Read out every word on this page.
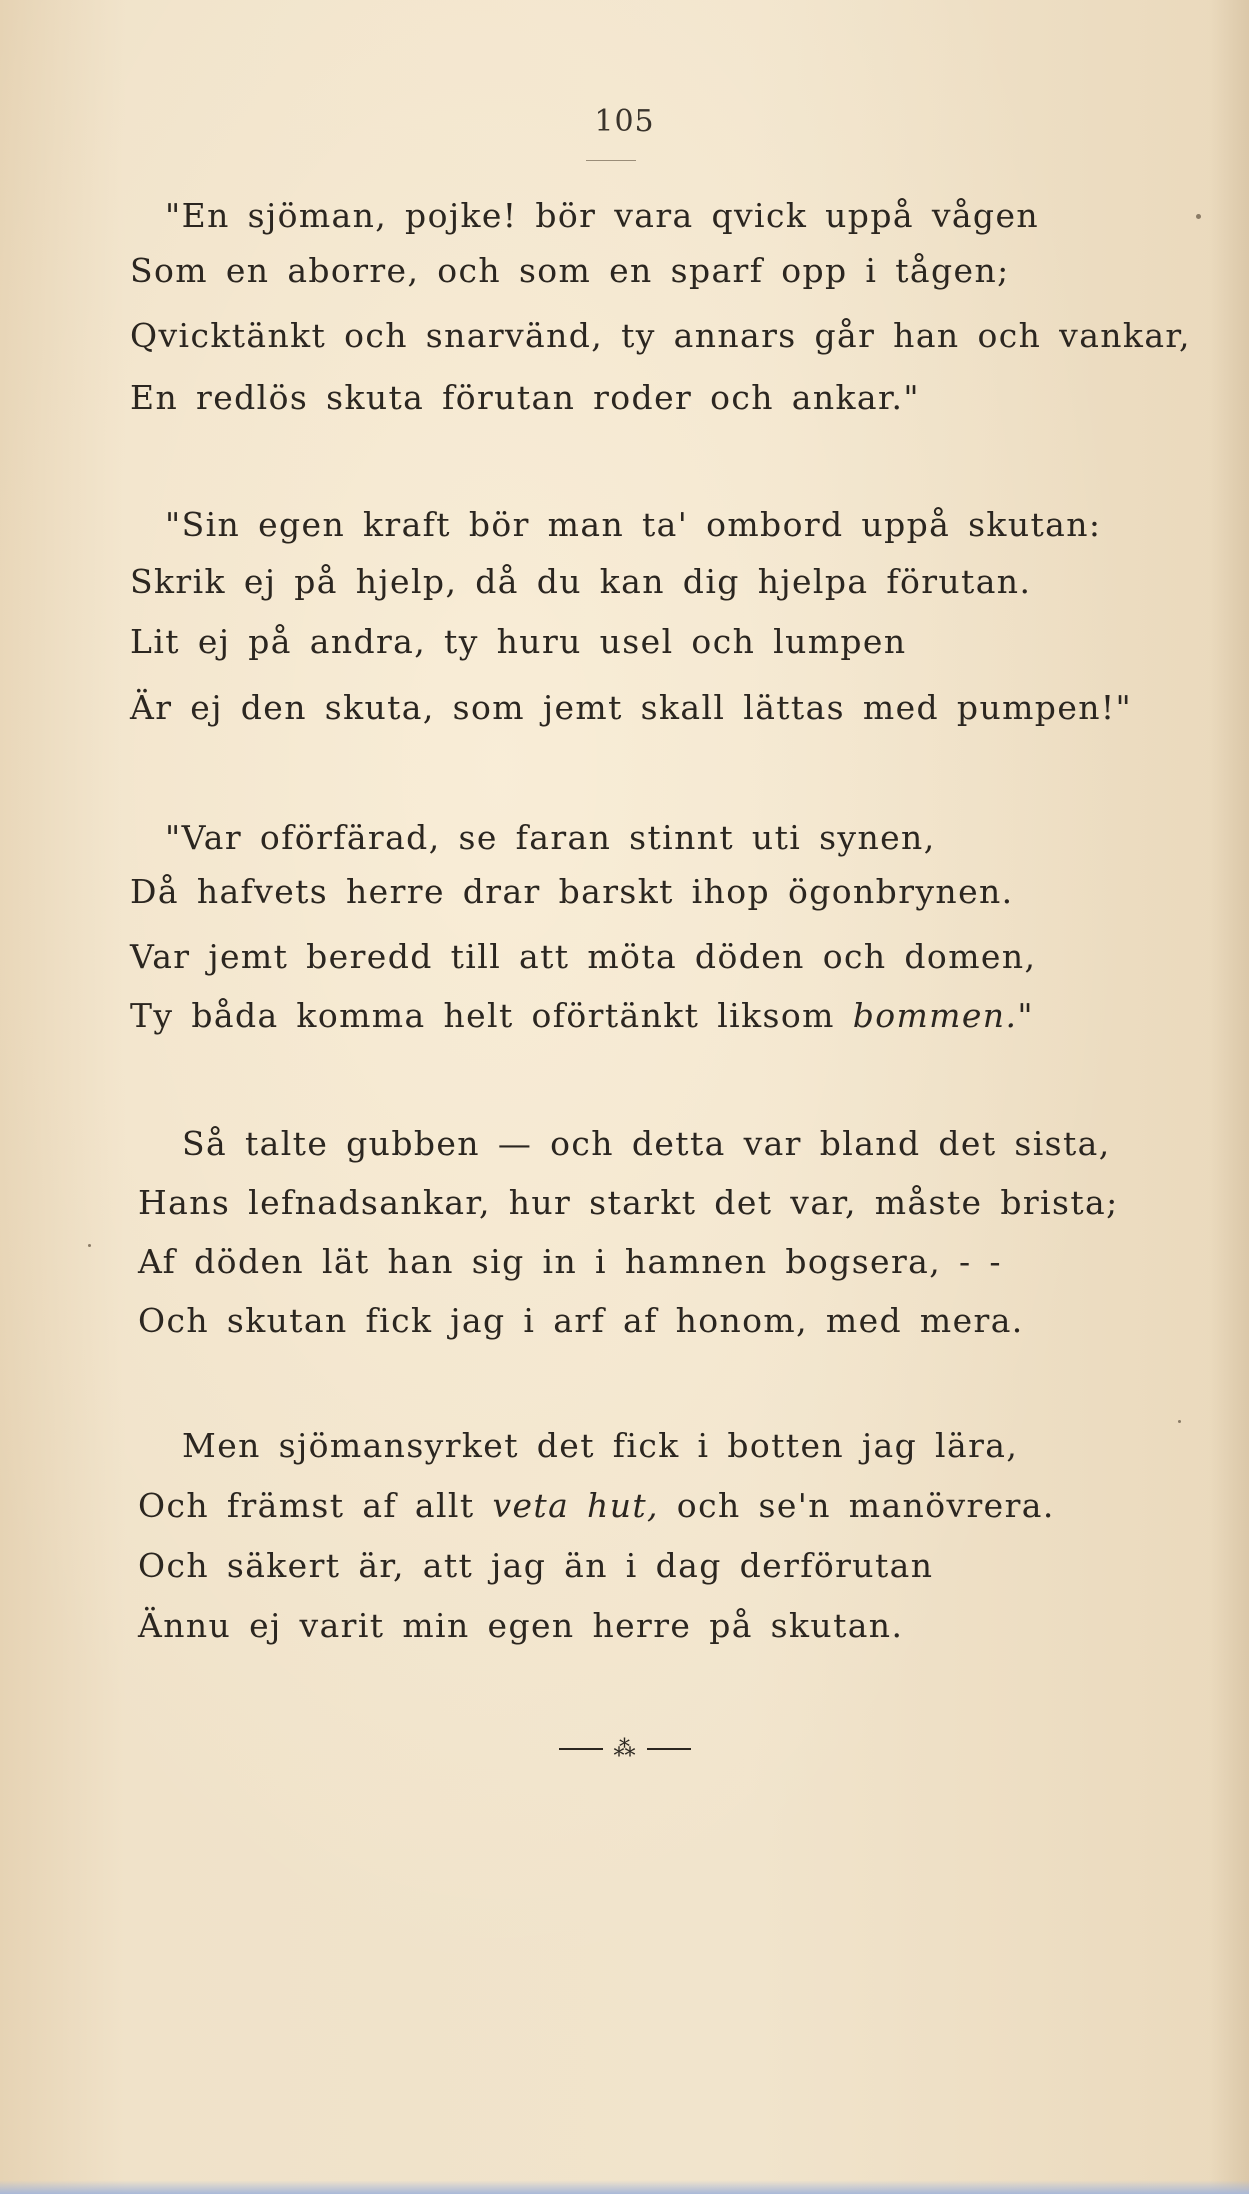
105
"En sjöman, pojke! bör vara qvick uppå vågen
Som en aborre, och som en sparf opp i tågen;
Qvicktänkt och snarvänd, ty annars går han och vankar,
En redlös skuta förutan roder och ankar."
"Sin egen kraft bör man ta' ombord uppå skutan:
Skrik ej på hjelp, då du kan dig hjelpa förutan.
Lit ej på andra, ty huru usel och lumpen
Är ej den skuta, som jemt skall lättas med pumpen!"
"Var oförfärad, se faran stinnt uti synen,
Då hafvets herre drar barskt ihop ögonbrynen.
Var jemt beredd till att möta döden och domen,
Ty båda komma helt oförtänkt liksom bommen."
Så talte gubben — och detta var bland det sista,
Hans lefnadsankar, hur starkt det var, måste brista;
Af döden lät han sig in i hamnen bogsera, - -
Och skutan fick jag i arf af honom, med mera.
Men sjömansyrket det fick i botten jag lära,
Och främst af allt veta hut, och se'n manövrera.
Och säkert är, att jag än i dag derförutan
Ännu ej varit min egen herre på skutan.
⁂
